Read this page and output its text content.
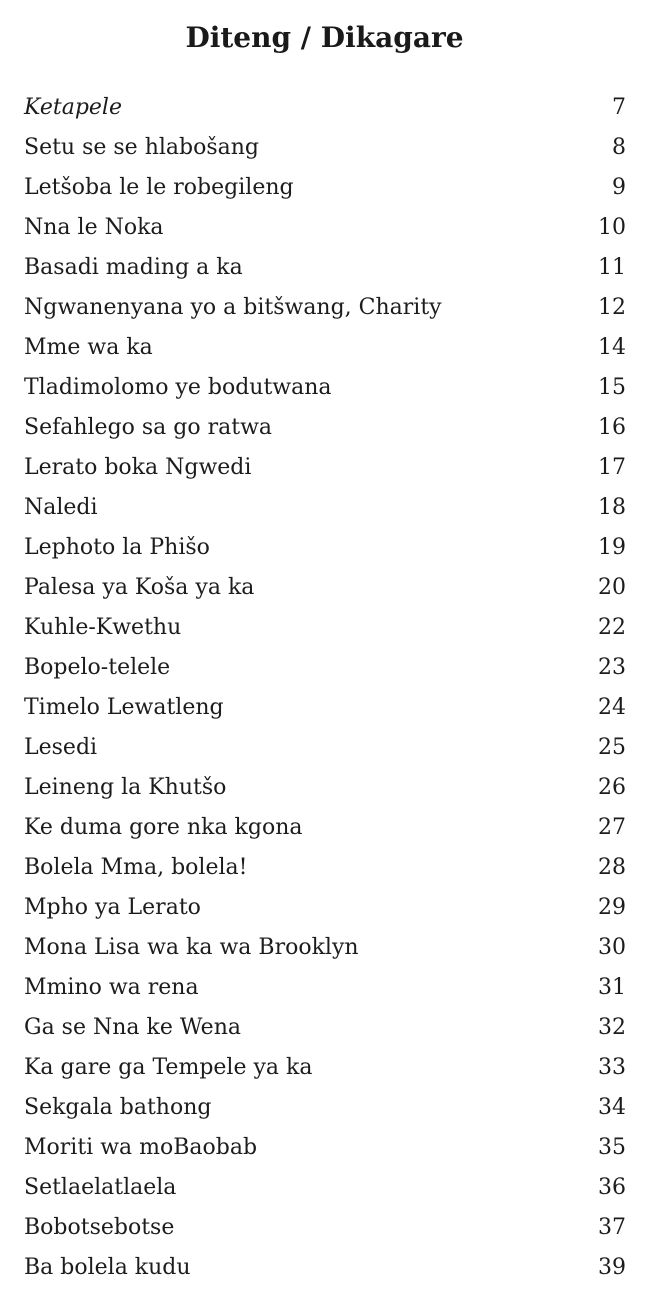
Diteng / Dikagare
Ketapele	7
Setu se se hlabošang	8
Letšoba le le robegileng	9
Nna le Noka	10
Basadi mading a ka	11
Ngwanenyana yo a bitšwang, Charity	12
Mme wa ka	14
Tladimolomo ye bodutwana	15
Sefahlego sa go ratwa	16
Lerato boka Ngwedi	17
Naledi	18
Lephoto la Phišo	19
Palesa ya Koša ya ka	20
Kuhle-Kwethu	22
Bopelo-telele	23
Timelo Lewatleng	24
Lesedi	25
Leineng la Khutšo	26
Ke duma gore nka kgona	27
Bolela Mma, bolela!	28
Mpho ya Lerato	29
Mona Lisa wa ka wa Brooklyn	30
Mmino wa rena	31
Ga se Nna ke Wena	32
Ka gare ga Tempele ya ka	33
Sekgala bathong	34
Moriti wa moBaobab	35
Setlaelatlaela	36
Bobotsebotse	37
Ba bolela kudu	39
